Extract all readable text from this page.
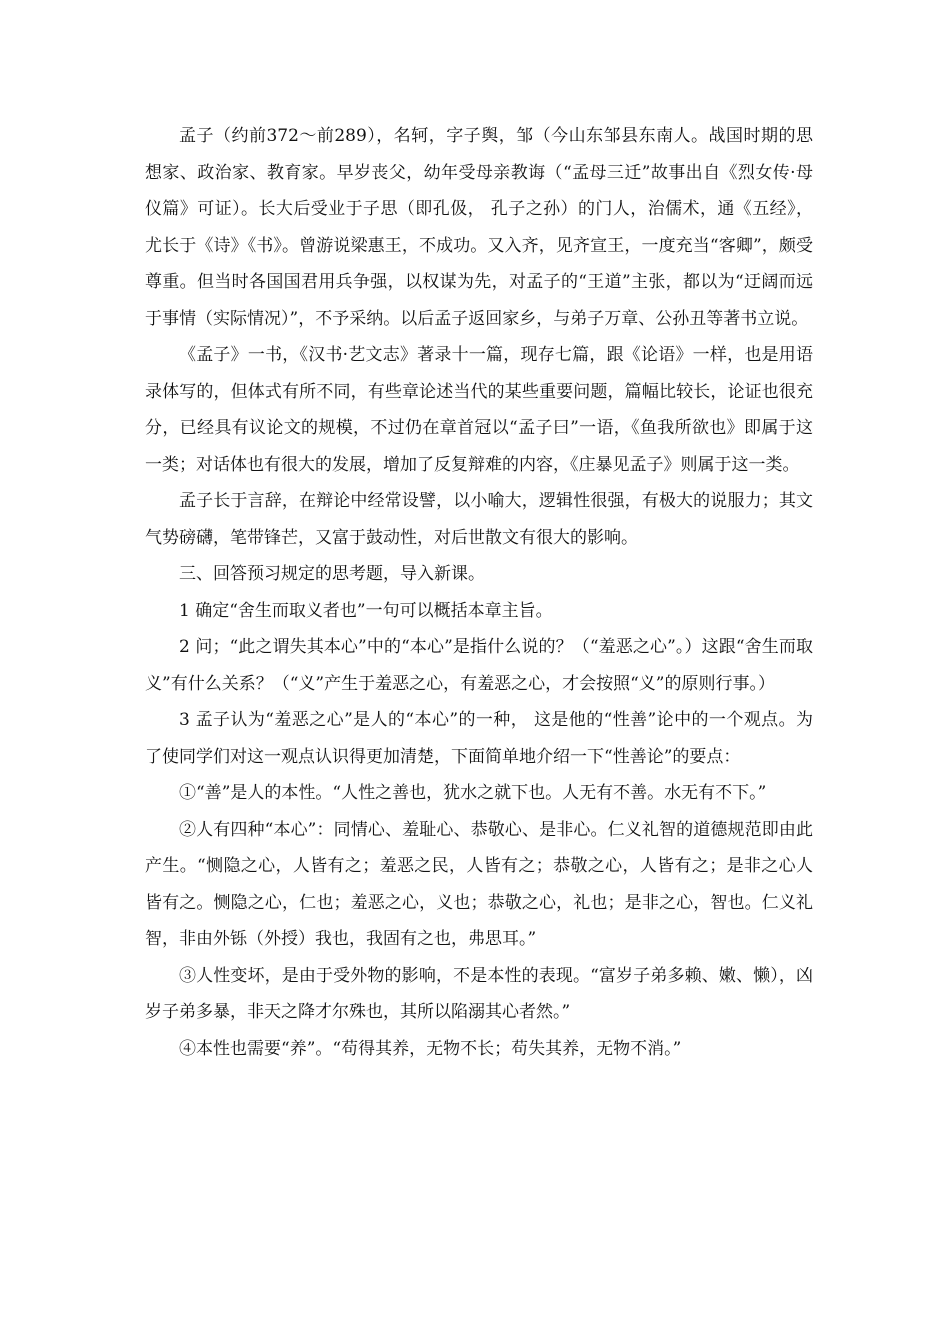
孟子（约前372～前289），名轲，字子舆，邹（今山东邹县东南人。战国时期的思想家、政治家、教育家。早岁丧父，幼年受母亲教诲（“孟母三迁”故事出自《烈女传·母仪篇》可证）。长大后受业于子思（即孔伋， 孔子之孙）的门人，治儒术，通《五经》，尤长于《诗》《书》。曾游说梁惠王，不成功。又入齐，见齐宣王，一度充当“客卿”，颇受尊重。但当时各国国君用兵争强，以权谋为先，对孟子的“王道”主张，都以为“迂阔而远于事情（实际情况）”，不予采纳。以后孟子返回家乡，与弟子万章、公孙丑等著书立说。

《孟子》一书，《汉书·艺文志》著录十一篇，现存七篇，跟《论语》一样，也是用语录体写的，但体式有所不同，有些章论述当代的某些重要问题，篇幅比较长，论证也很充分，已经具有议论文的规模，不过仍在章首冠以“孟子曰”一语，《鱼我所欲也》即属于这一类；对话体也有很大的发展，增加了反复辩难的内容，《庄暴见孟子》则属于这一类。

孟子长于言辞，在辩论中经常设譬，以小喻大，逻辑性很强，有极大的说服力；其文气势磅礴，笔带锋芒，又富于鼓动性，对后世散文有很大的影响。

三、回答预习规定的思考题，导入新课。

1 确定“舍生而取义者也”一句可以概括本章主旨。

2 问；“此之谓失其本心”中的“本心”是指什么说的？（“羞恶之心”。）这跟“舍生而取义”有什么关系？（“义”产生于羞恶之心，有羞恶之心，才会按照“义”的原则行事。）

3 孟子认为“羞恶之心”是人的“本心”的一种， 这是他的“性善”论中的一个观点。为了使同学们对这一观点认识得更加清楚，下面简单地介绍一下“性善论”的要点：

①“善”是人的本性。“人性之善也，犹水之就下也。人无有不善。水无有不下。”

②人有四种“本心”：同情心、羞耻心、恭敬心、是非心。仁义礼智的道德规范即由此产生。“恻隐之心，人皆有之；羞恶之民，人皆有之；恭敬之心，人皆有之；是非之心人皆有之。恻隐之心，仁也；羞恶之心，义也；恭敬之心，礼也；是非之心，智也。仁义礼智，非由外铄（外授）我也，我固有之也，弗思耳。”

③人性变坏，是由于受外物的影响，不是本性的表现。“富岁子弟多赖、嫩、懒），凶岁子弟多暴，非天之降才尔殊也，其所以陷溺其心者然。”

④本性也需要“养”。“苟得其养，无物不长；苟失其养，无物不消。”
